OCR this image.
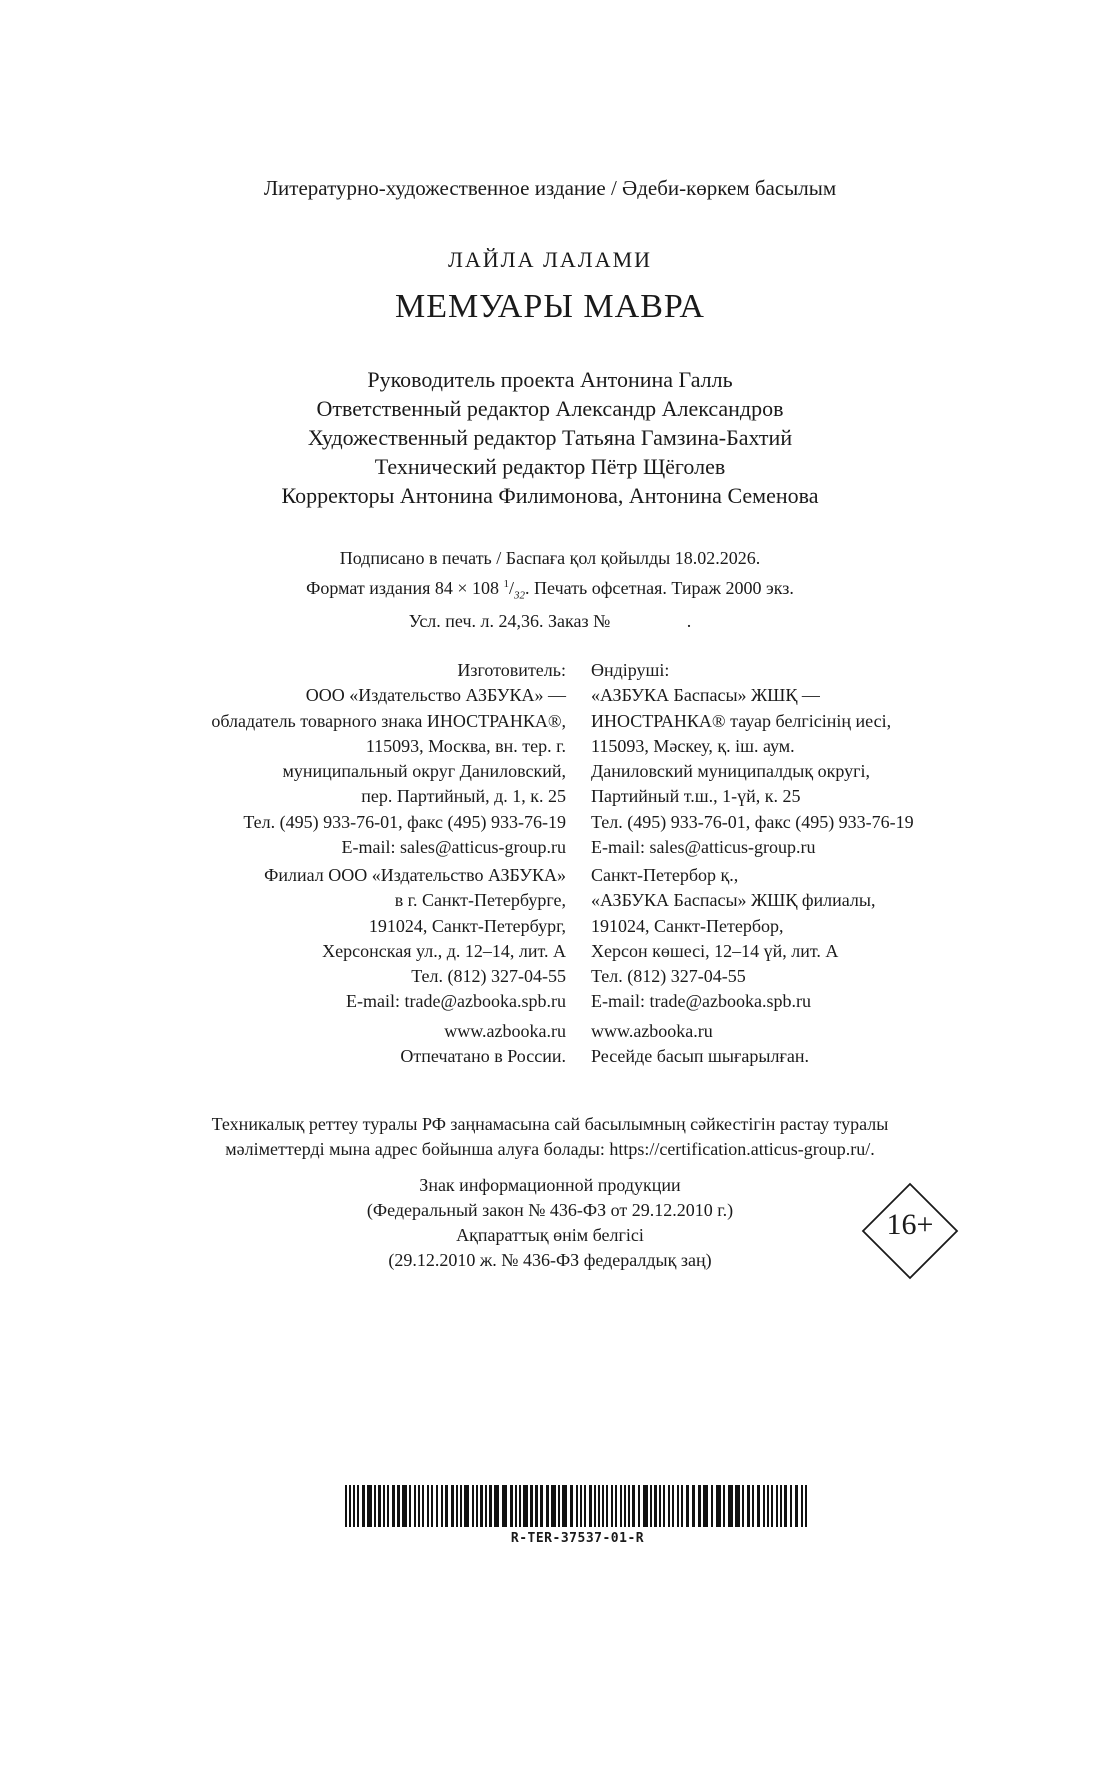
Литературно-художественное издание / Әдеби-көркем басылым
ЛАЙЛА ЛАЛАМИ
МЕМУАРЫ МАВРА
Руководитель проекта Антонина Галль
Ответственный редактор Александр Александров
Художественный редактор Татьяна Гамзина-Бахтий
Технический редактор Пётр Щёголев
Корректоры Антонина Филимонова, Антонина Семенова
Подписано в печать / Баспаға қол қойылды 18.02.2026.
Формат издания 84 × 108 $^1/_{32}$. Печать офсетная. Тираж 2000 экз.
Усл. печ. л. 24,36. Заказ №                 .
Изготовитель:
ООО «Издательство АЗБУКА» —
обладатель товарного знака ИНОСТРАНКА®,
115093, Москва, вн. тер. г.
муниципальный округ Даниловский,
пер. Партийный, д. 1, к. 25
Тел. (495) 933-76-01, факс (495) 933-76-19
E-mail: sales@atticus-group.ru
Өндіруші:
«АЗБУКА Баспасы» ЖШҚ —
ИНОСТРАНКА® тауар белгісінің иесі,
115093, Мәскеу, қ. іш. аум.
Даниловский муниципалдық округі,
Партийный т.ш., 1-үй, к. 25
Тел. (495) 933-76-01, факс (495) 933-76-19
E-mail: sales@atticus-group.ru
Филиал ООО «Издательство АЗБУКА»
в г. Санкт-Петербурге,
191024, Санкт-Петербург,
Херсонская ул., д. 12–14, лит. А
Тел. (812) 327-04-55
E-mail: trade@azbooka.spb.ru
Санкт-Петербор қ.,
«АЗБУКА Баспасы» ЖШҚ филиалы,
191024, Санкт-Петербор,
Херсон көшесі, 12–14 үй, лит. А
Тел. (812) 327-04-55
E-mail: trade@azbooka.spb.ru
www.azbooka.ru
Отпечатано в России.
www.azbooka.ru
Ресейде басып шығарылған.
Техникалық реттеу туралы РФ заңнамасына сай басылымның сәйкестігін растау туралы
мәліметтерді мына адрес бойынша алуға болады: https://certification.atticus-group.ru/.
Знак информационной продукции
(Федеральный закон № 436-ФЗ от 29.12.2010 г.)
Ақпараттық өнім белгісі
(29.12.2010 ж. № 436-ФЗ федералдық заң)
16+
R-TER-37537-01-R
